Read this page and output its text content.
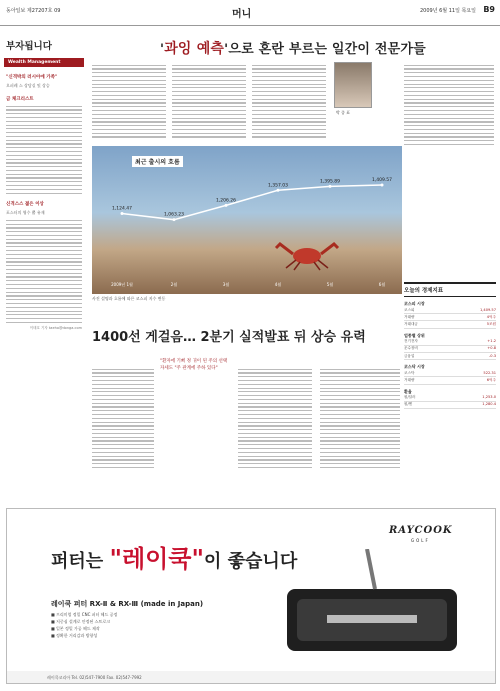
동아일보 제27207호 09	머니	2009년 6월 11일 목요일 B9
부자됩니다
Wealth Management
"신격박의 러시아에 가족"
오퍼레 스 상담실 및 상승
금 체크리스트
신격스스 젊은 이상
포스터의 영수 뽑 유재
이태호 기자 taeho@donga.com
'과잉 예측'으로 혼란 부르는 일간이 전문가들
박 종 표
1,124.47
2009년 1월
1,063.23
2월
1,206.26
3월
1,357.03
4월
1,395.89
5월
1,409.57
6월
최근 출시의 흐름
사진 설명과 흐름에 따른 코스피 지수 변동
1400선 게걸음… 2분기 실적발표 뒤 상승 유력
"환자에 기뻐 정 귀이 된 주의 선택 자세도 "주 관계에 주하 있다"
오늘의 경제지표
코스피 시장
코스피	1,409.57
거래량	4억주
거래대금	5조원
업종별 상위
전기전자	+1.2
운수장비	+0.8
금융업	-0.3
코스닥 시장
코스닥	522.31
거래량	6억주
환율
원/달러	1,253.0
원/엔	1,280.4
퍼터는 "레이쿡"이 좋습니다
RAYCOOK
GOLF
레이쿡 퍼터 RX-Ⅱ & RX-Ⅲ (made in Japan)
■ 프리미엄 정밀 CNC 퍼터 헤드 공정
■ 저중심 설계로 안정된 스트로크
■ 일본 정밀 가공 헤드 제작
■ 정확한 거리감과 방향성
레이쿡코리아 Tel. 02)547-7900 Fax. 02)547-7992
